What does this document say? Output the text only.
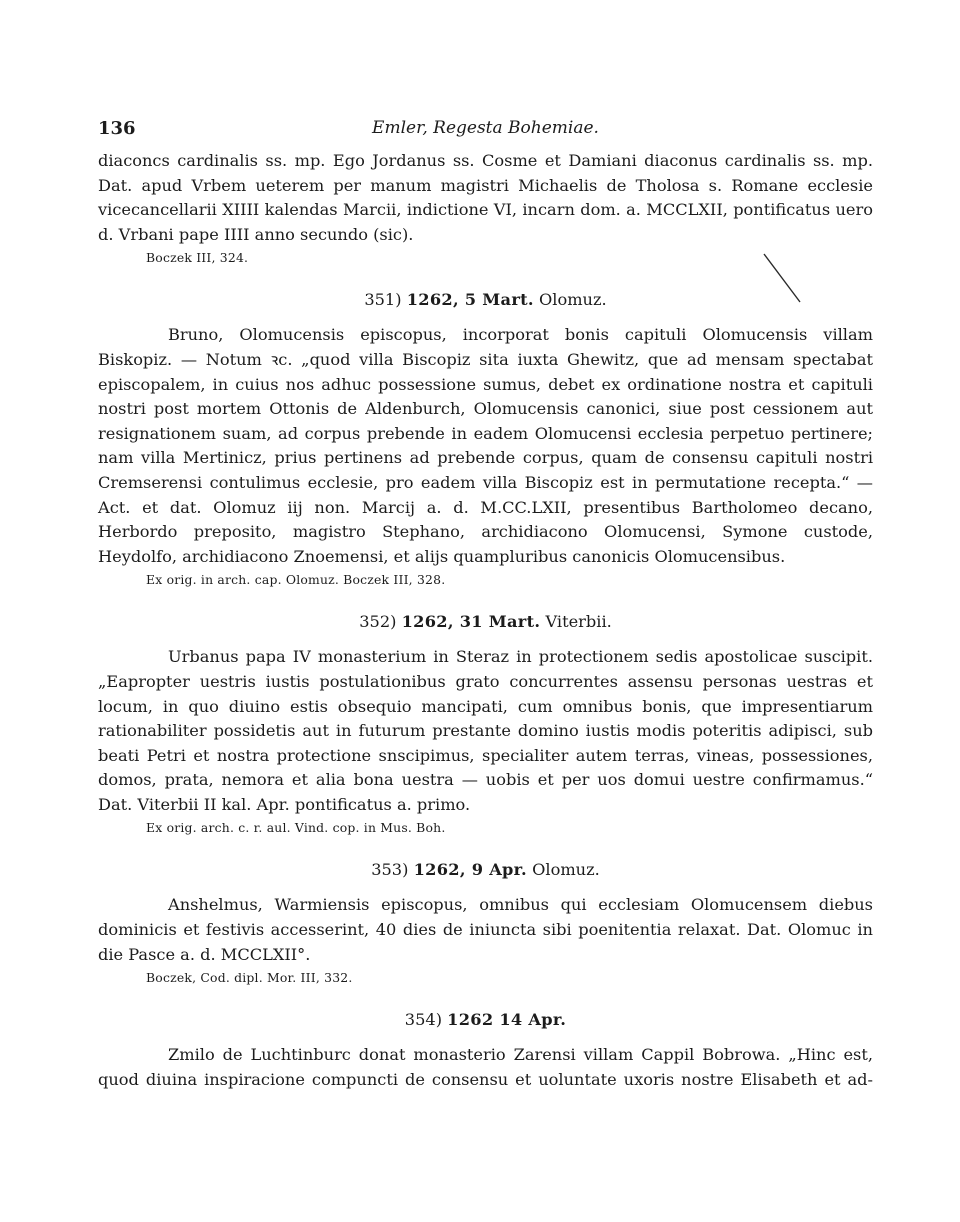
136	Emler, Regesta Bohemiae.

diaconcs cardinalis ss. mp. Ego Jordanus ss. Cosme et Damiani diaconus cardinalis ss. mp. Dat. apud Vrbem ueterem per manum magistri Michaelis de Tholosa s. Romane ecclesie vicecancellarii XIIII kalendas Marcii, indictione VI, incarn dom. a. MCCLXII, pontificatus uero d. Vrbani pape IIII anno secundo (sic).

Boczek III, 324.
351) 1262, 5 Mart. Olomuz.

Bruno, Olomucensis episcopus, incorporat bonis capituli Olomucensis villam Biskopiz. — Notum ꝛc. „quod villa Biscopiz sita iuxta Ghewitz, que ad mensam spectabat episcopalem, in cuius nos adhuc possessione sumus, debet ex ordinatione nostra et capituli nostri post mortem Ottonis de Aldenburch, Olomucensis canonici, siue post cessionem aut resignationem suam, ad corpus prebende in eadem Olomucensi ecclesia perpetuo pertinere; nam villa Mertinicz, prius pertinens ad prebende corpus, quam de consensu capituli nostri Cremserensi contulimus ecclesie, pro eadem villa Biscopiz est in permutatione recepta.“ — Act. et dat. Olomuz iij non. Marcij a. d. M.CC.LXII, presentibus Bartholomeo decano, Herbordo preposito, magistro Stephano, archidiacono Olomucensi, Symone custode, Heydolfo, archidiacono Znoemensi, et alijs quampluribus canonicis Olomucensibus.

Ex orig. in arch. cap. Olomuz. Boczek III, 328.
352) 1262, 31 Mart. Viterbii.

Urbanus papa IV monasterium in Steraz in protectionem sedis apostolicae suscipit. „Eapropter uestris iustis postulationibus grato concurrentes assensu personas uestras et locum, in quo diuino estis obsequio mancipati, cum omnibus bonis, que impresentiarum rationabiliter possidetis aut in futurum prestante domino iustis modis poteritis adipisci, sub beati Petri et nostra protectione snscipimus, specialiter autem terras, vineas, possessiones, domos, prata, nemora et alia bona uestra — uobis et per uos domui uestre confirmamus.“ Dat. Viterbii II kal. Apr. pontificatus a. primo.

Ex orig. arch. c. r. aul. Vind. cop. in Mus. Boh.
353) 1262, 9 Apr. Olomuz.

Anshelmus, Warmiensis episcopus, omnibus qui ecclesiam Olomucensem diebus dominicis et festivis accesserint, 40 dies de iniuncta sibi poenitentia relaxat. Dat. Olomuc in die Pasce a. d. MCCLXII°.

Boczek, Cod. dipl. Mor. III, 332.
354) 1262 14 Apr.

Zmilo de Luchtinburc donat monasterio Zarensi villam Cappil Bobrowa. „Hinc est, quod diuina inspiracione compuncti de consensu et uoluntate uxoris nostre Elisabeth et ad-
